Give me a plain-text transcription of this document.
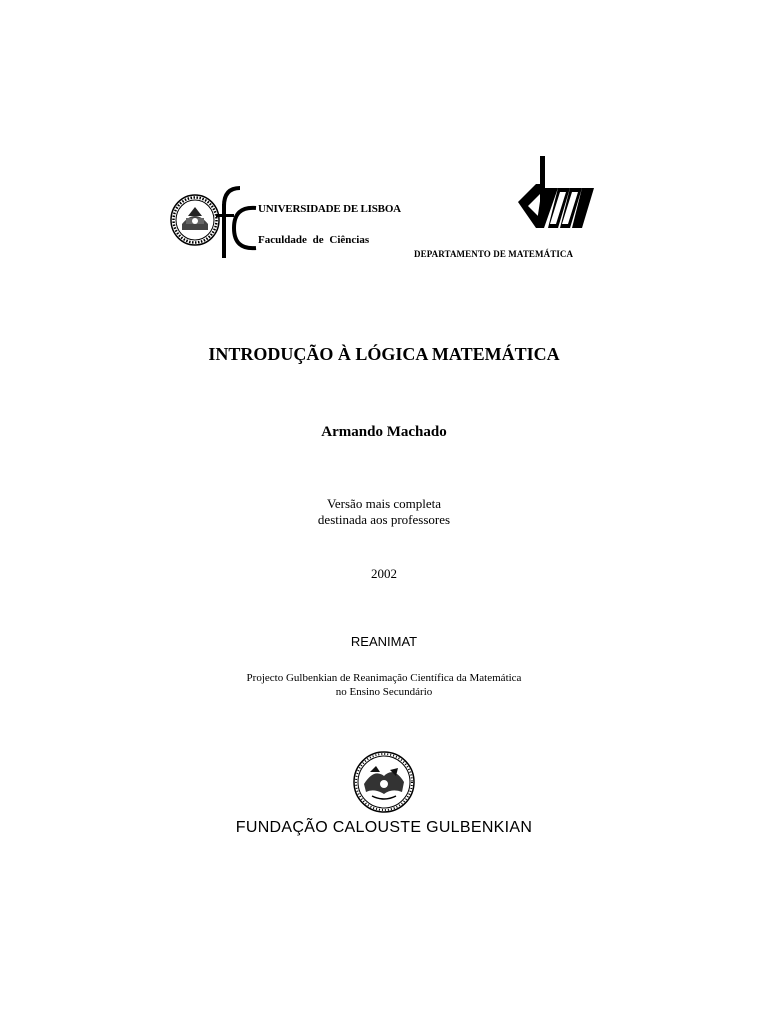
UNIVERSIDADE DE LISBOA
Faculdade de Ciências
DEPARTAMENTO DE MATEMÁTICA
INTRODUÇÃO À LÓGICA MATEMÁTICA
Armando Machado
Versão mais completa
destinada aos professores
2002
REANIMAT
Projecto Gulbenkian de Reanimação Científica da Matemática
no Ensino Secundário
FUNDAÇÃO CALOUSTE GULBENKIAN
